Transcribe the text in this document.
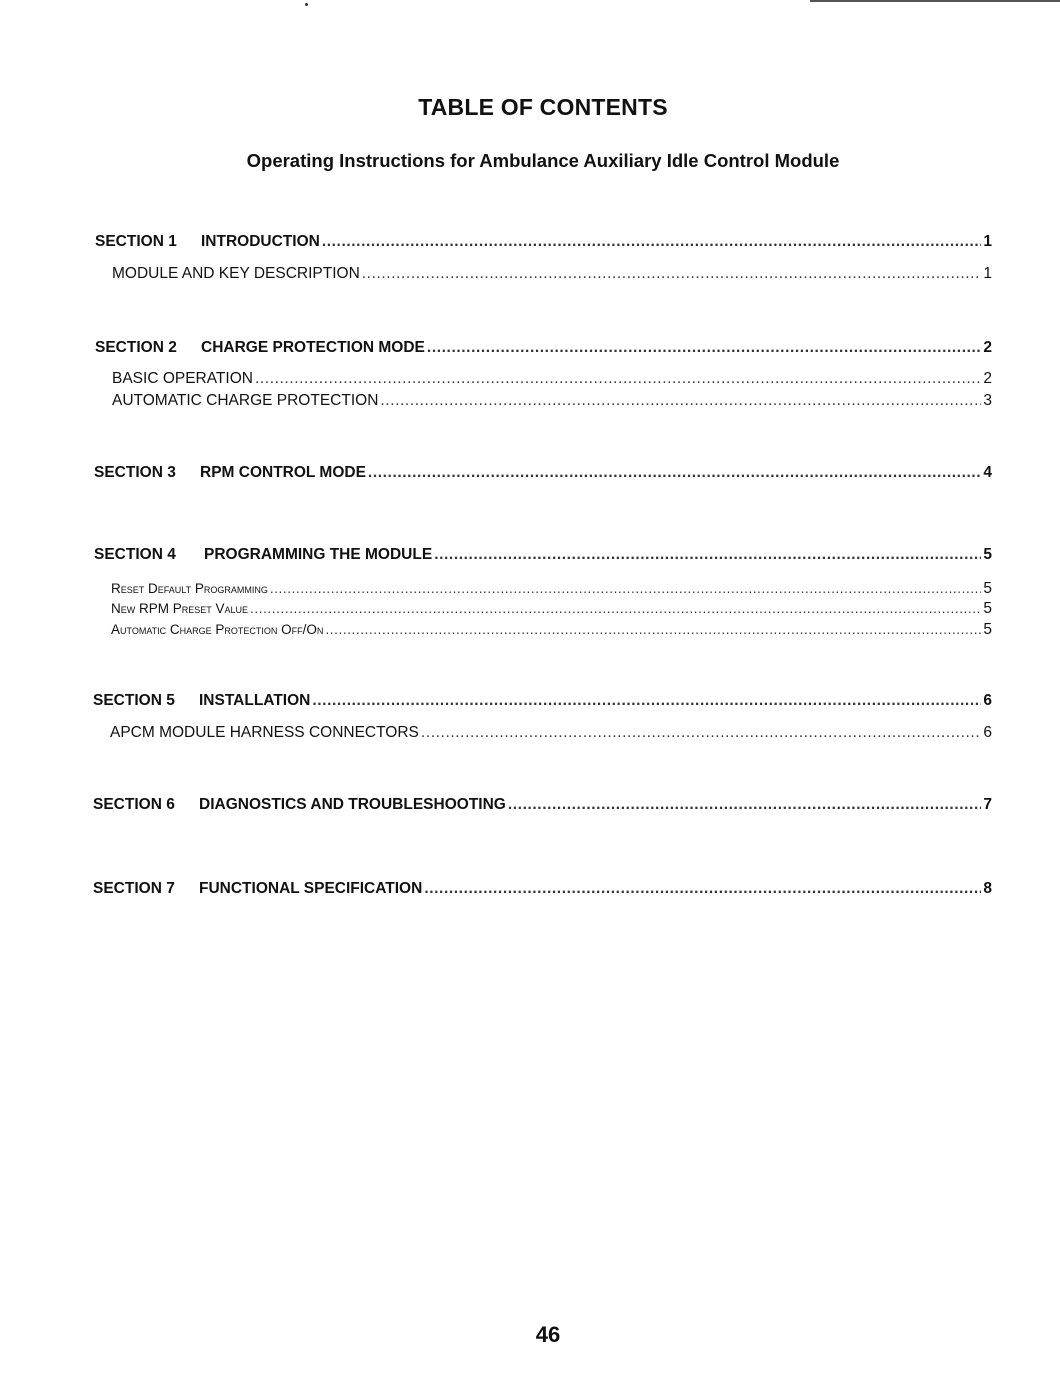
TABLE OF CONTENTS
Operating Instructions for Ambulance Auxiliary Idle Control Module
SECTION 1 INTRODUCTION .....	1
MODULE AND KEY DESCRIPTION .....	1
SECTION 2 CHARGE PROTECTION MODE .....	2
BASIC OPERATION .....	2
AUTOMATIC CHARGE PROTECTION .....	3
SECTION 3 RPM CONTROL MODE .....	4
SECTION 4 PROGRAMMING THE MODULE .....	5
Reset Default Programming .....	5
New RPM Preset Value .....	5
Automatic Charge Protection Off/On .....	5
SECTION 5 INSTALLATION .....	6
APCM MODULE HARNESS CONNECTORS .....	6
SECTION 6 DIAGNOSTICS AND TROUBLESHOOTING .....	7
SECTION 7 FUNCTIONAL SPECIFICATION .....	8
46
